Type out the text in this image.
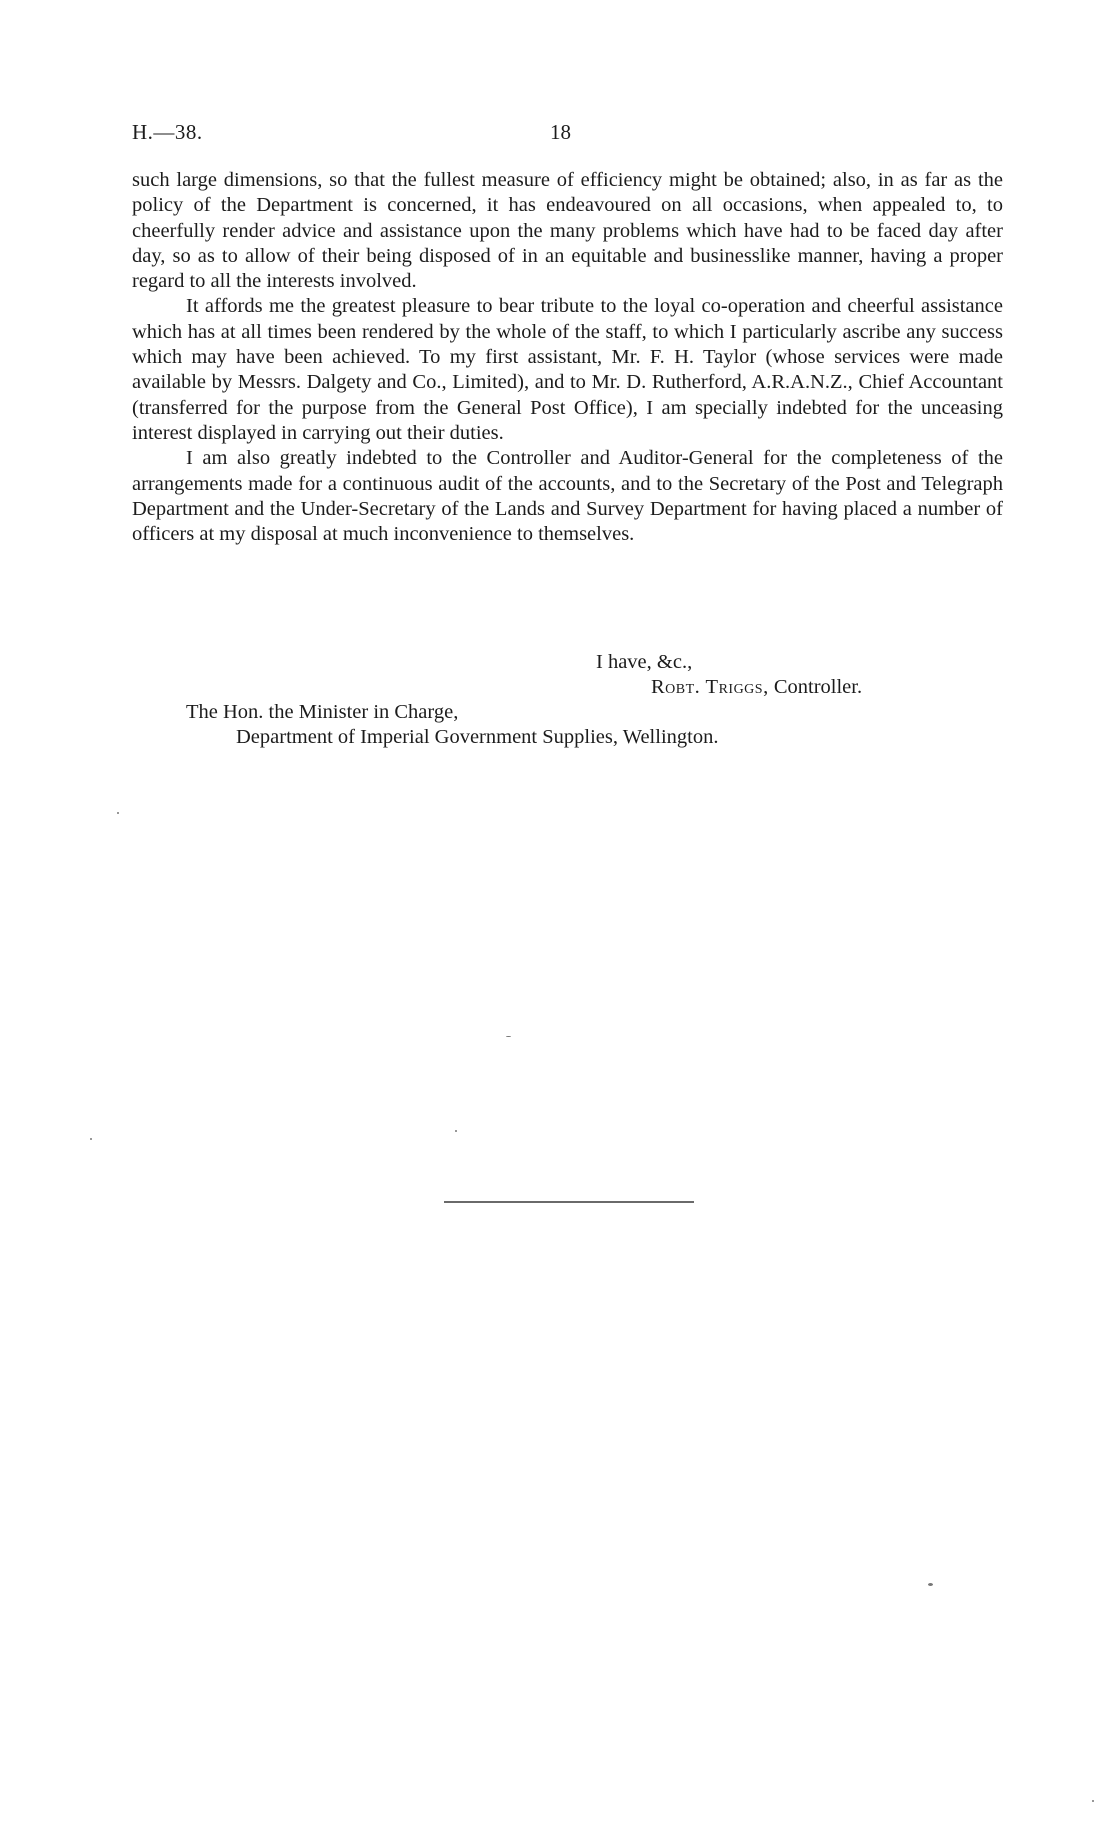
H.—38.	18

such large dimensions, so that the fullest measure of efficiency might be obtained; also, in as far as the policy of the Department is concerned, it has endeavoured on all occasions, when appealed to, to cheerfully render advice and assistance upon the many problems which have had to be faced day after day, so as to allow of their being disposed of in an equitable and businesslike manner, having a proper regard to all the interests involved.

It affords me the greatest pleasure to bear tribute to the loyal co-operation and cheerful assistance which has at all times been rendered by the whole of the staff, to which I particularly ascribe any success which may have been achieved. To my first assistant, Mr. F. H. Taylor (whose services were made available by Messrs. Dalgety and Co., Limited), and to Mr. D. Rutherford, A.R.A.N.Z., Chief Accountant (transferred for the purpose from the General Post Office), I am specially indebted for the unceasing interest displayed in carrying out their duties.

I am also greatly indebted to the Controller and Auditor-General for the completeness of the arrangements made for a continuous audit of the accounts, and to the Secretary of the Post and Telegraph Department and the Under-Secretary of the Lands and Survey Department for having placed a number of officers at my disposal at much inconvenience to themselves.

I have, &c.,
Robt. Triggs, Controller.
The Hon. the Minister in Charge,
Department of Imperial Government Supplies, Wellington.
